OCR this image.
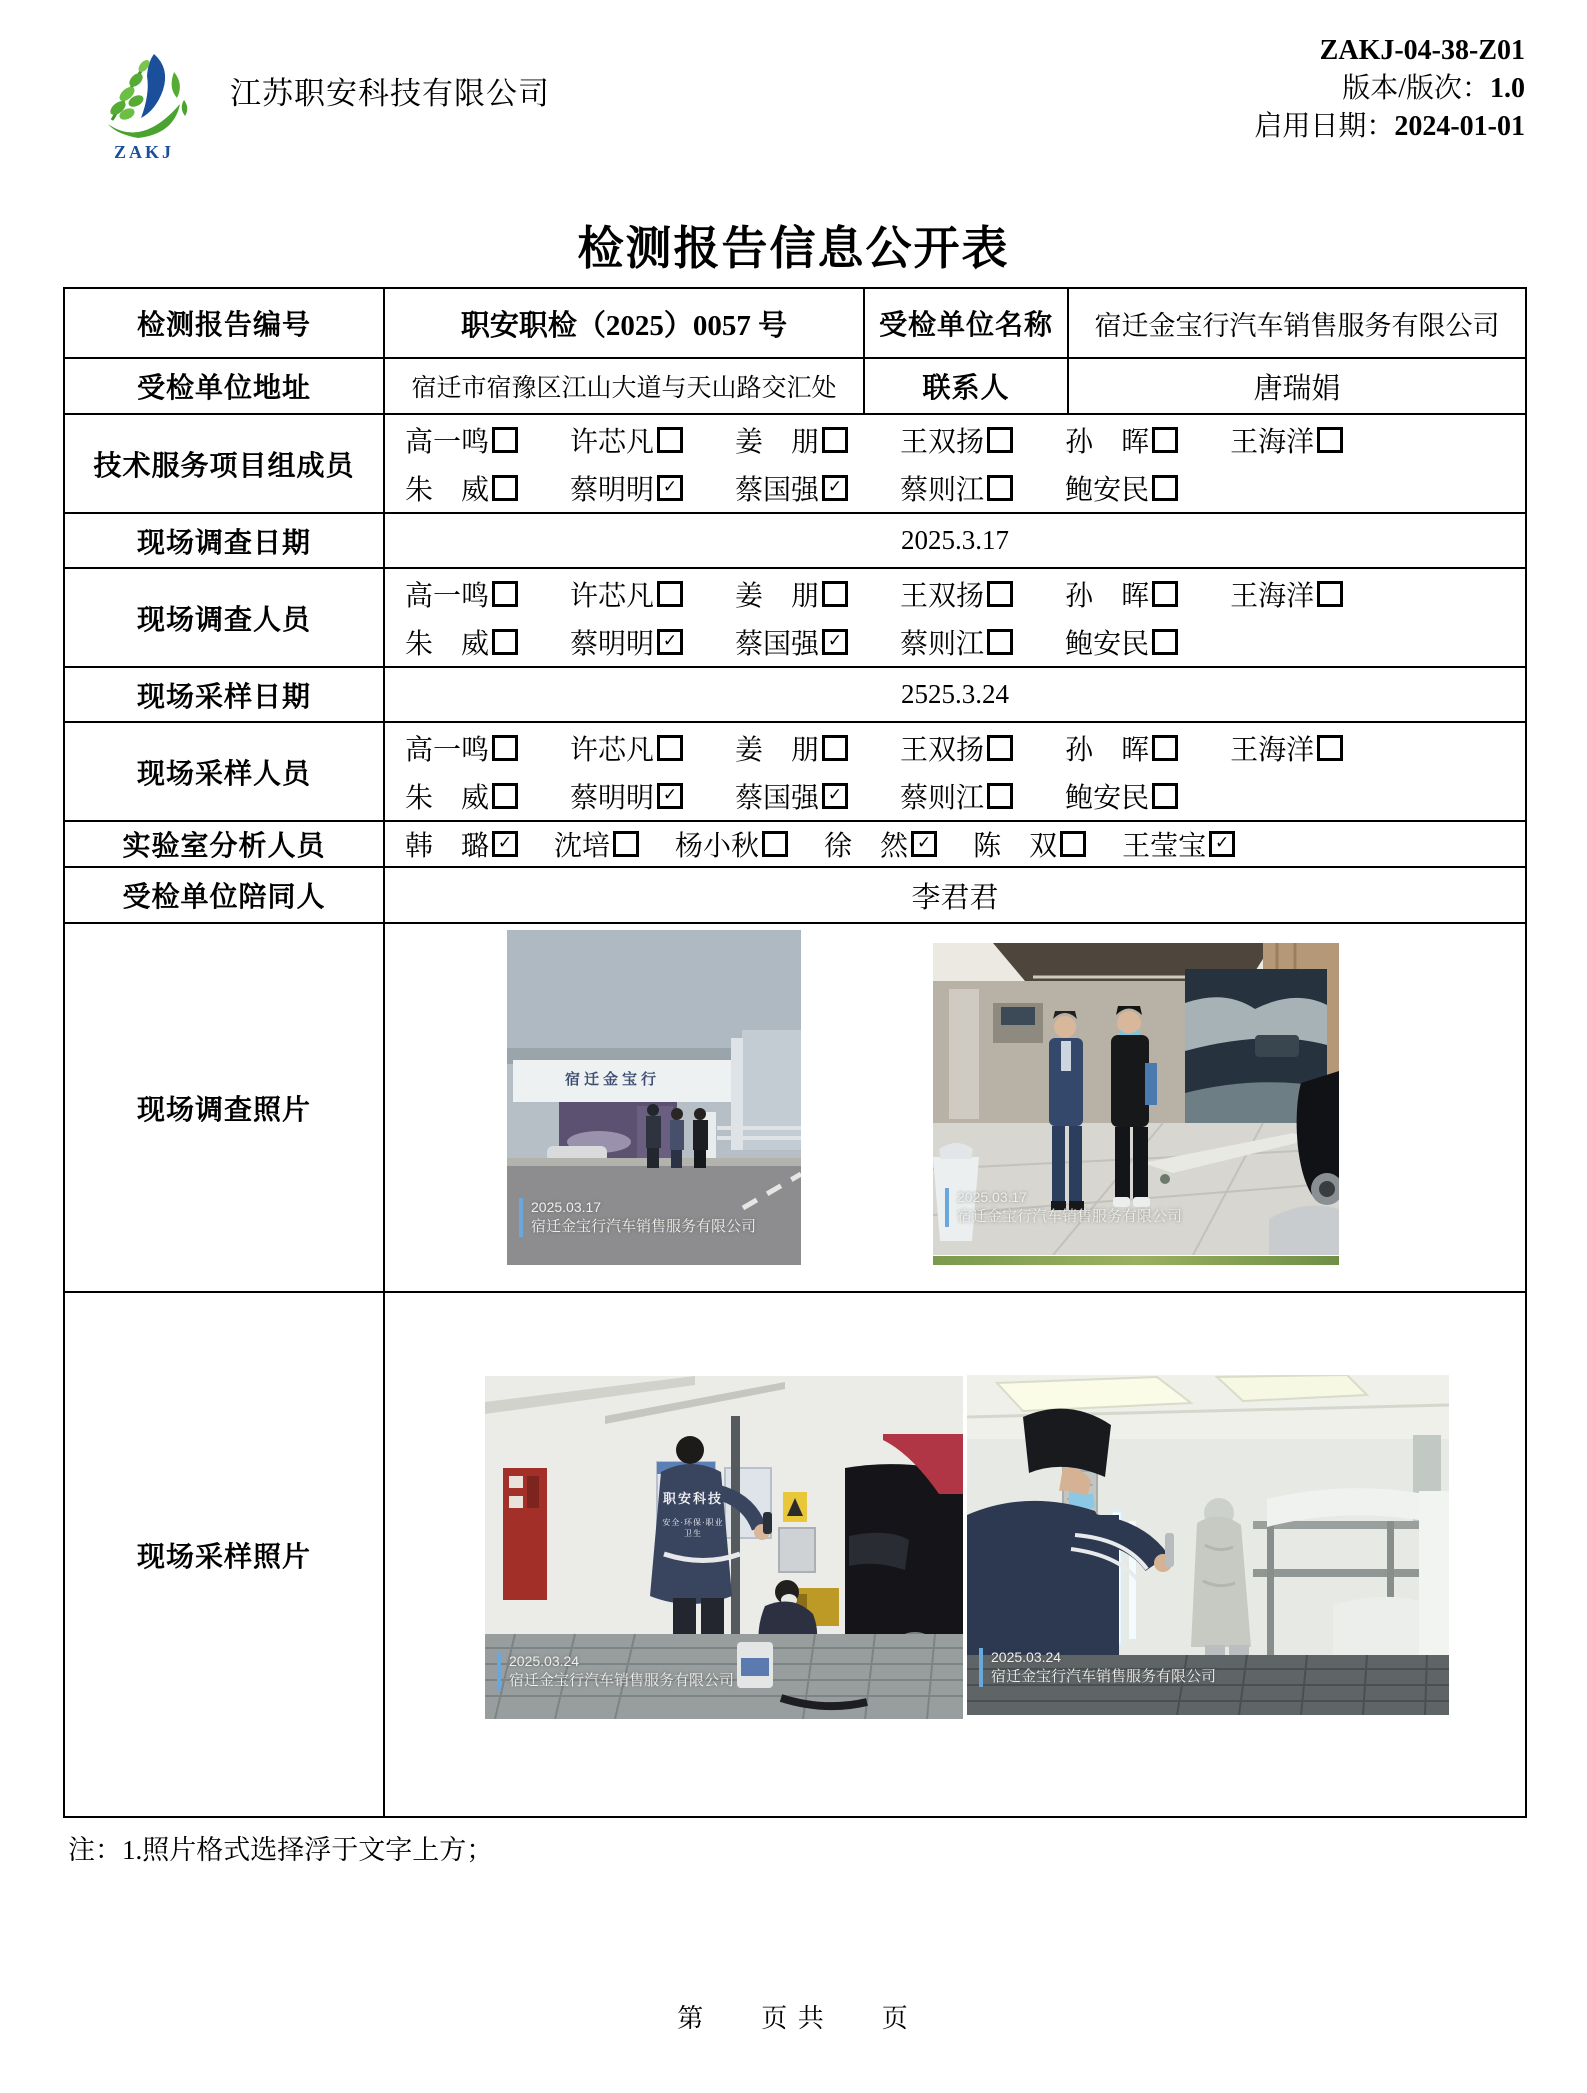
ZAKJ
江苏职安科技有限公司
ZAKJ-04-38-Z01
版本/版次：1.0
启用日期：2024-01-01
检测报告信息公开表
检测报告编号	职安职检（2025）0057 号	受检单位名称	宿迁金宝行汽车销售服务有限公司
受检单位地址	宿迁市宿豫区江山大道与天山路交汇处	联系人	唐瑞娟
技术服务项目组成员	
高一鸣	许芯凡	姜　朋	王双扬	孙　晖	王海洋
朱　威	蔡明明 ✓ 蔡国强 ✓ 蔡则江	鲍安民

现场调查日期	2025.3.17		
现场调查人员	
高一鸣	许芯凡	姜　朋	王双扬	孙　晖	王海洋
朱　威	蔡明明 ✓ 蔡国强 ✓ 蔡则江	鲍安民

现场采样日期	2525.3.24		
现场采样人员	
高一鸣	许芯凡	姜　朋	王双扬	孙　晖	王海洋
朱　威	蔡明明 ✓ 蔡国强 ✓ 蔡则江	鲍安民

实验室分析人员	韩　璐 ✓ 沈培 杨小秋 徐　然 ✓ 陈　双 王莹宝 ✓

受检单位陪同人	李君君		
现场调查照片			
现场采样照片			
宿迁金宝行
2025.03.17
宿迁金宝行汽车销售服务有限公司
2025.03.17
宿迁金宝行汽车销售服务有限公司
职安科技
安全·环保·职业卫生
2025.03.24
宿迁金宝行汽车销售服务有限公司
2025.03.24
宿迁金宝行汽车销售服务有限公司
注：1.照片格式选择浮于文字上方；
第　　页 共　　页
